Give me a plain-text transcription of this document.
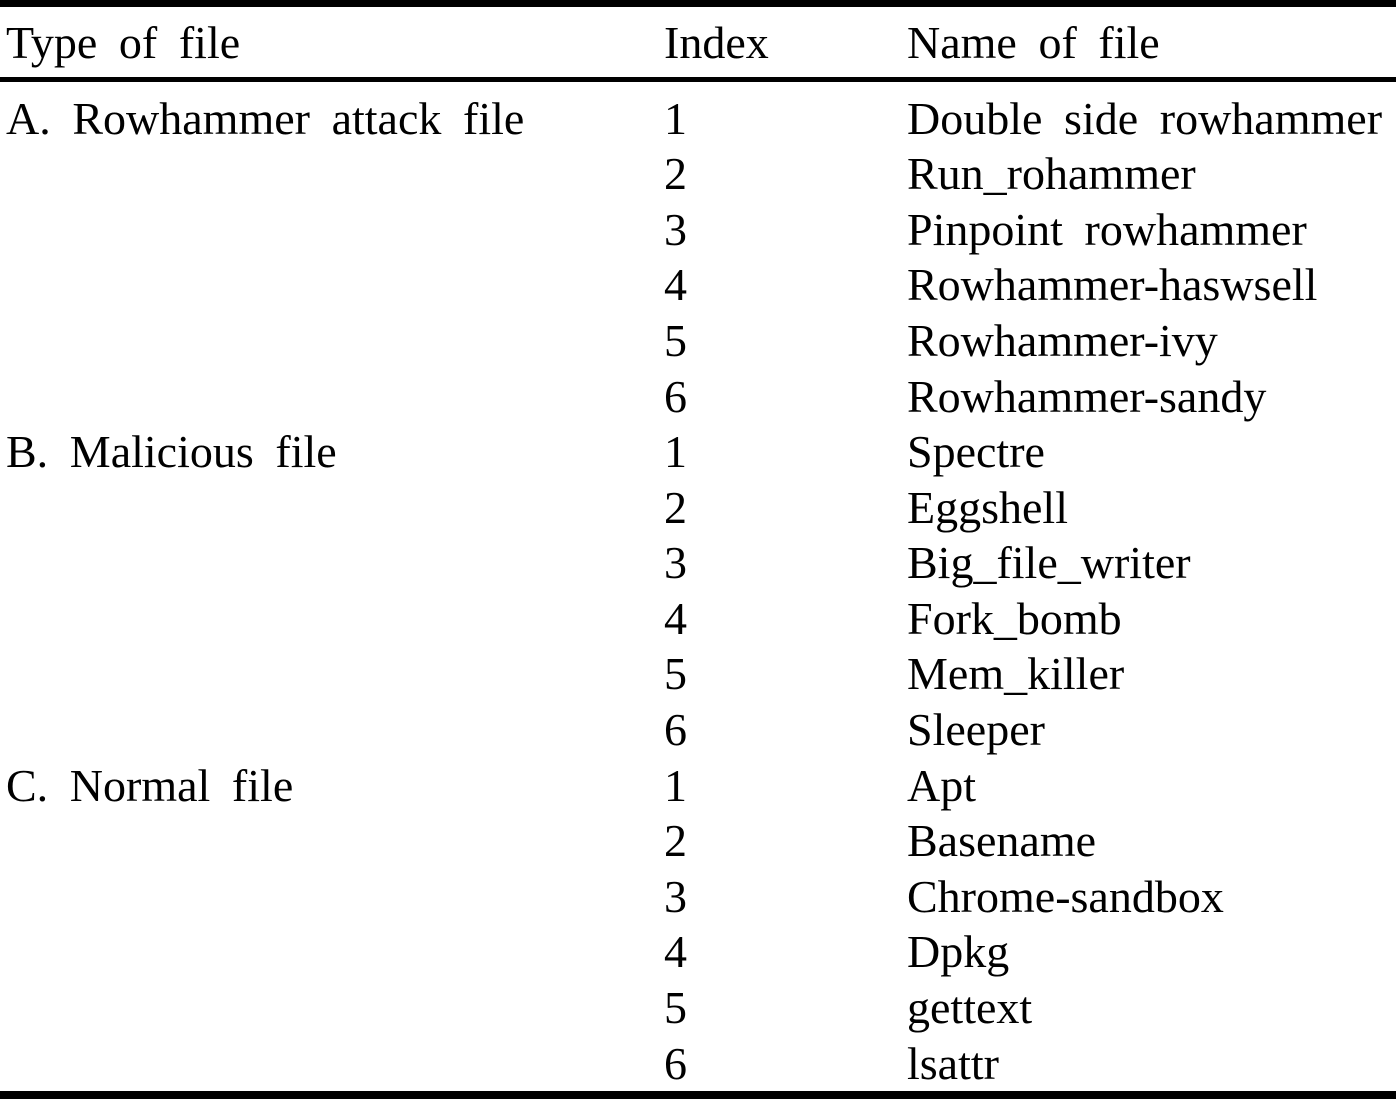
Type of file	Index	Name of file
A. Rowhammer attack file	1	Double side rowhammer
	2	Run_rohammer
	3	Pinpoint rowhammer
	4	Rowhammer-haswsell
	5	Rowhammer-ivy
	6	Rowhammer-sandy
B. Malicious file	1	Spectre
	2	Eggshell
	3	Big_file_writer
	4	Fork_bomb
	5	Mem_killer
	6	Sleeper
C. Normal file	1	Apt
	2	Basename
	3	Chrome-sandbox
	4	Dpkg
	5	gettext
	6	lsattr
